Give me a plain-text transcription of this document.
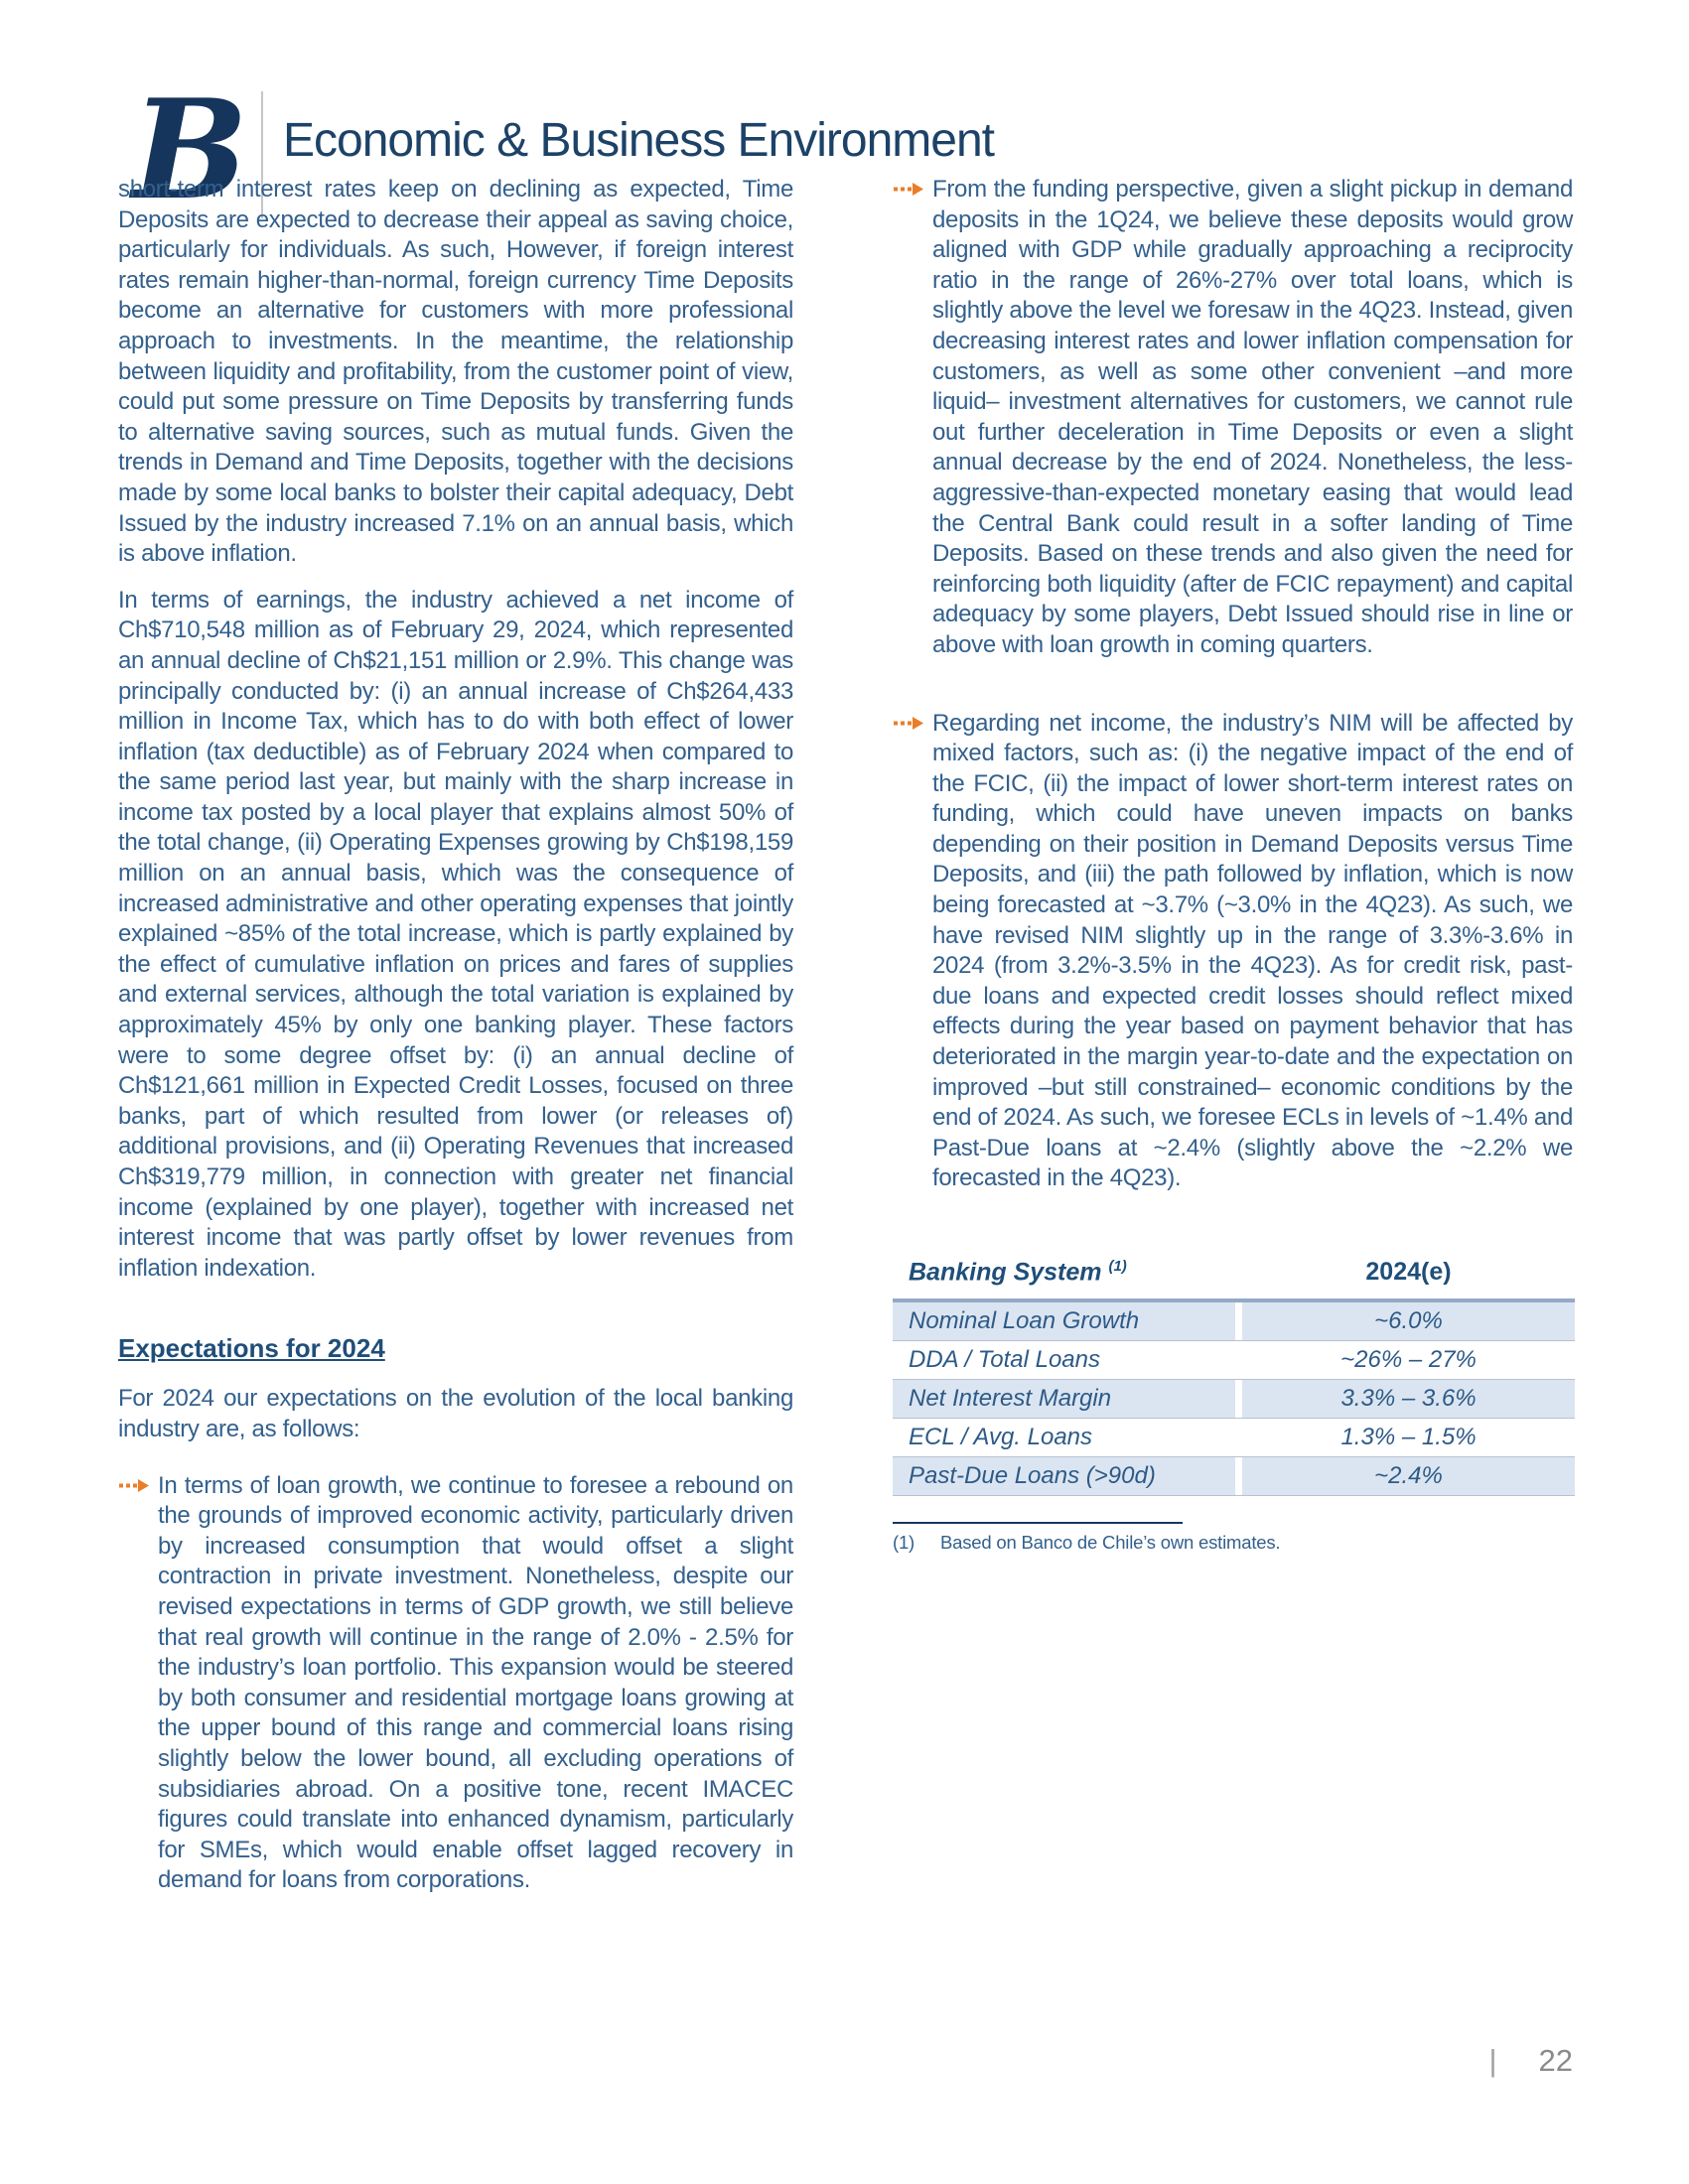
B Economic & Business Environment

short-term interest rates keep on declining as expected, Time Deposits are expected to decrease their appeal as saving choice, particularly for individuals. As such, However, if foreign interest rates remain higher-than-normal, foreign currency Time Deposits become an alternative for customers with more professional approach to investments. In the meantime, the relationship between liquidity and profitability, from the customer point of view, could put some pressure on Time Deposits by transferring funds to alternative saving sources, such as mutual funds. Given the trends in Demand and Time Deposits, together with the decisions made by some local banks to bolster their capital adequacy, Debt Issued by the industry increased 7.1% on an annual basis, which is above inflation.

In terms of earnings, the industry achieved a net income of Ch$710,548 million as of February 29, 2024, which represented an annual decline of Ch$21,151 million or 2.9%. This change was principally conducted by: (i) an annual increase of Ch$264,433 million in Income Tax, which has to do with both effect of lower inflation (tax deductible) as of February 2024 when compared to the same period last year, but mainly with the sharp increase in income tax posted by a local player that explains almost 50% of the total change, (ii) Operating Expenses growing by Ch$198,159 million on an annual basis, which was the consequence of increased administrative and other operating expenses that jointly explained ~85% of the total increase, which is partly explained by the effect of cumulative inflation on prices and fares of supplies and external services, although the total variation is explained by approximately 45% by only one banking player. These factors were to some degree offset by: (i) an annual decline of Ch$121,661 million in Expected Credit Losses, focused on three banks, part of which resulted from lower (or releases of) additional provisions, and (ii) Operating Revenues that increased Ch$319,779 million, in connection with greater net financial income (explained by one player), together with increased net interest income that was partly offset by lower revenues from inflation indexation.

Expectations for 2024

For 2024 our expectations on the evolution of the local banking industry are, as follows:

In terms of loan growth, we continue to foresee a rebound on the grounds of improved economic activity, particularly driven by increased consumption that would offset a slight contraction in private investment. Nonetheless, despite our revised expectations in terms of GDP growth, we still believe that real growth will continue in the range of 2.0% - 2.5% for the industry’s loan portfolio. This expansion would be steered by both consumer and residential mortgage loans growing at the upper bound of this range and commercial loans rising slightly below the lower bound, all excluding operations of subsidiaries abroad. On a positive tone, recent IMACEC figures could translate into enhanced dynamism, particularly for SMEs, which would enable offset lagged recovery in demand for loans from corporations.

From the funding perspective, given a slight pickup in demand deposits in the 1Q24, we believe these deposits would grow aligned with GDP while gradually approaching a reciprocity ratio in the range of 26%-27% over total loans, which is slightly above the level we foresaw in the 4Q23. Instead, given decreasing interest rates and lower inflation compensation for customers, as well as some other convenient –and more liquid– investment alternatives for customers, we cannot rule out further deceleration in Time Deposits or even a slight annual decrease by the end of 2024. Nonetheless, the less-aggressive-than-expected monetary easing that would lead the Central Bank could result in a softer landing of Time Deposits. Based on these trends and also given the need for reinforcing both liquidity (after de FCIC repayment) and capital adequacy by some players, Debt Issued should rise in line or above with loan growth in coming quarters.

Regarding net income, the industry’s NIM will be affected by mixed factors, such as: (i) the negative impact of the end of the FCIC, (ii) the impact of lower short-term interest rates on funding, which could have uneven impacts on banks depending on their position in Demand Deposits versus Time Deposits, and (iii) the path followed by inflation, which is now being forecasted at ~3.7% (~3.0% in the 4Q23). As such, we have revised NIM slightly up in the range of 3.3%-3.6% in 2024 (from 3.2%-3.5% in the 4Q23). As for credit risk, past-due loans and expected credit losses should reflect mixed effects during the year based on payment behavior that has deteriorated in the margin year-to-date and the expectation on improved –but still constrained– economic conditions by the end of 2024. As such, we foresee ECLs in levels of ~1.4% and Past-Due loans at ~2.4% (slightly above the ~2.2% we forecasted in the 4Q23).

Banking System $^{(1)}$	2024(e)
Nominal Loan Growth	~6.0%
DDA / Total Loans	~26% – 27%
Net Interest Margin	3.3% – 3.6%
ECL / Avg. Loans	1.3% – 1.5%
Past-Due Loans (>90d)	~2.4%
(1) Based on Banco de Chile’s own estimates.
| 22
